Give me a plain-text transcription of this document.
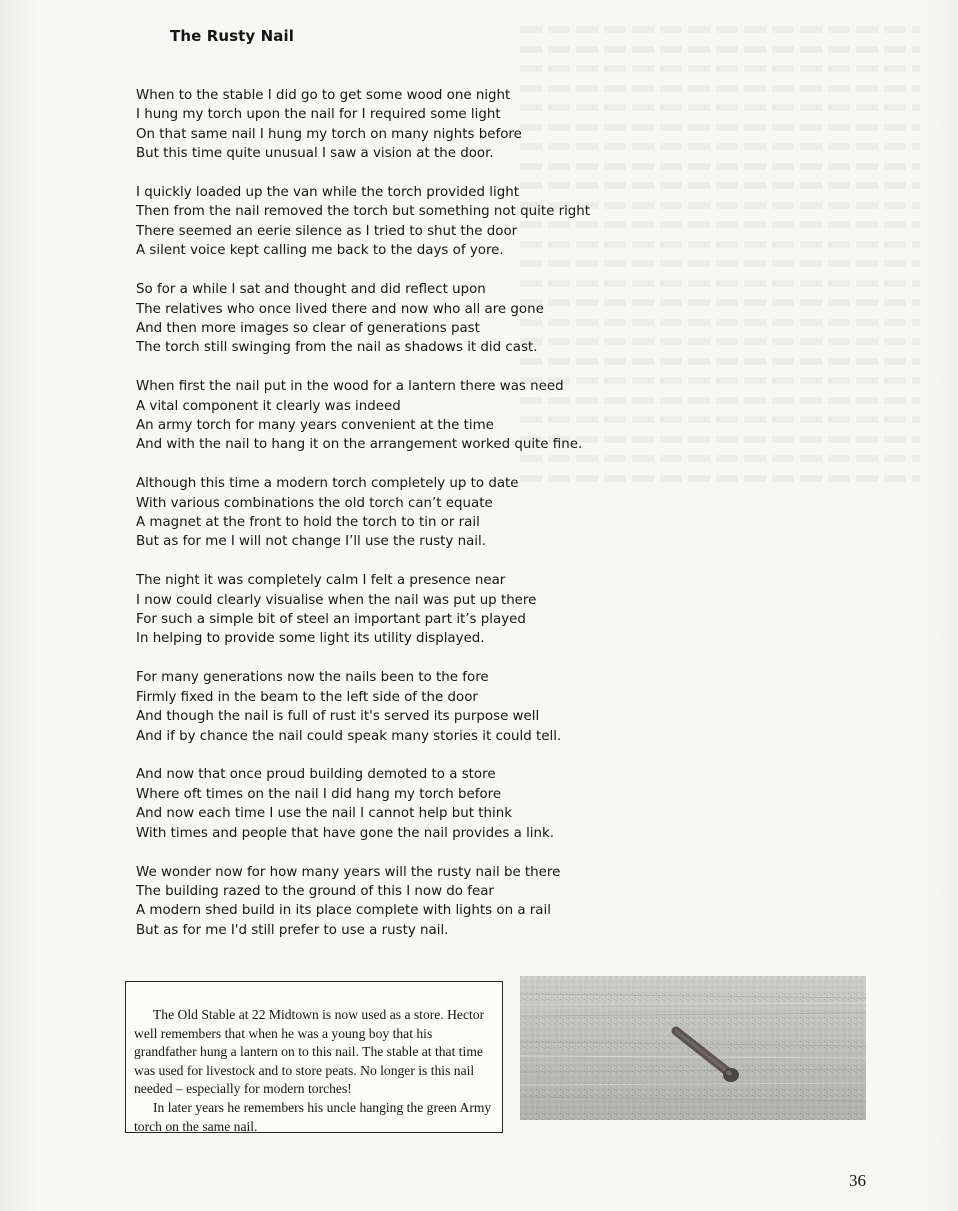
The Rusty Nail
When to the stable I did go to get some wood one night
I hung my torch upon the nail for I required some light
On that same nail I hung my torch on many nights before
But this time quite unusual I saw a vision at the door.
I quickly loaded up the van while the torch provided light
Then from the nail removed the torch but something not quite right
There seemed an eerie silence as I tried to shut the door
A silent voice kept calling me back to the days of yore.
So for a while I sat and thought and did reflect upon
The relatives who once lived there and now who all are gone
And then more images so clear of generations past
The torch still swinging from the nail as shadows it did cast.
When first the nail put in the wood for a lantern there was need
A vital component it clearly was indeed
An army torch for many years convenient at the time
And with the nail to hang it on the arrangement worked quite fine.
Although this time a modern torch completely up to date
With various combinations the old torch can’t equate
A magnet at the front to hold the torch to tin or rail
But as for me I will not change I’ll use the rusty nail.
The night it was completely calm I felt a presence near
I now could clearly visualise when the nail was put up there
For such a simple bit of steel an important part it’s played
In helping to provide some light its utility displayed.
For many generations now the nails been to the fore
Firmly fixed in the beam to the left side of the door
And though the nail is full of rust it's served its purpose well
And if by chance the nail could speak many stories it could tell.
And now that once proud building demoted to a store
Where oft times on the nail I did hang my torch before
And now each time I use the nail I cannot help but think
With times and people that have gone the nail provides a link.
We wonder now for how many years will the rusty nail be there
The building razed to the ground of this I now do fear
A modern shed build in its place complete with lights on a rail
But as for me I'd still prefer to use a rusty nail.

The Old Stable at 22 Midtown is now used as a store. Hector well remembers that when he was a young boy that his grandfather hung a lantern on to this nail. The stable at that time was used for livestock and to store peats. No longer is this nail needed – especially for modern torches!

In later years he remembers his uncle hanging the green Army torch on the same nail.

36
